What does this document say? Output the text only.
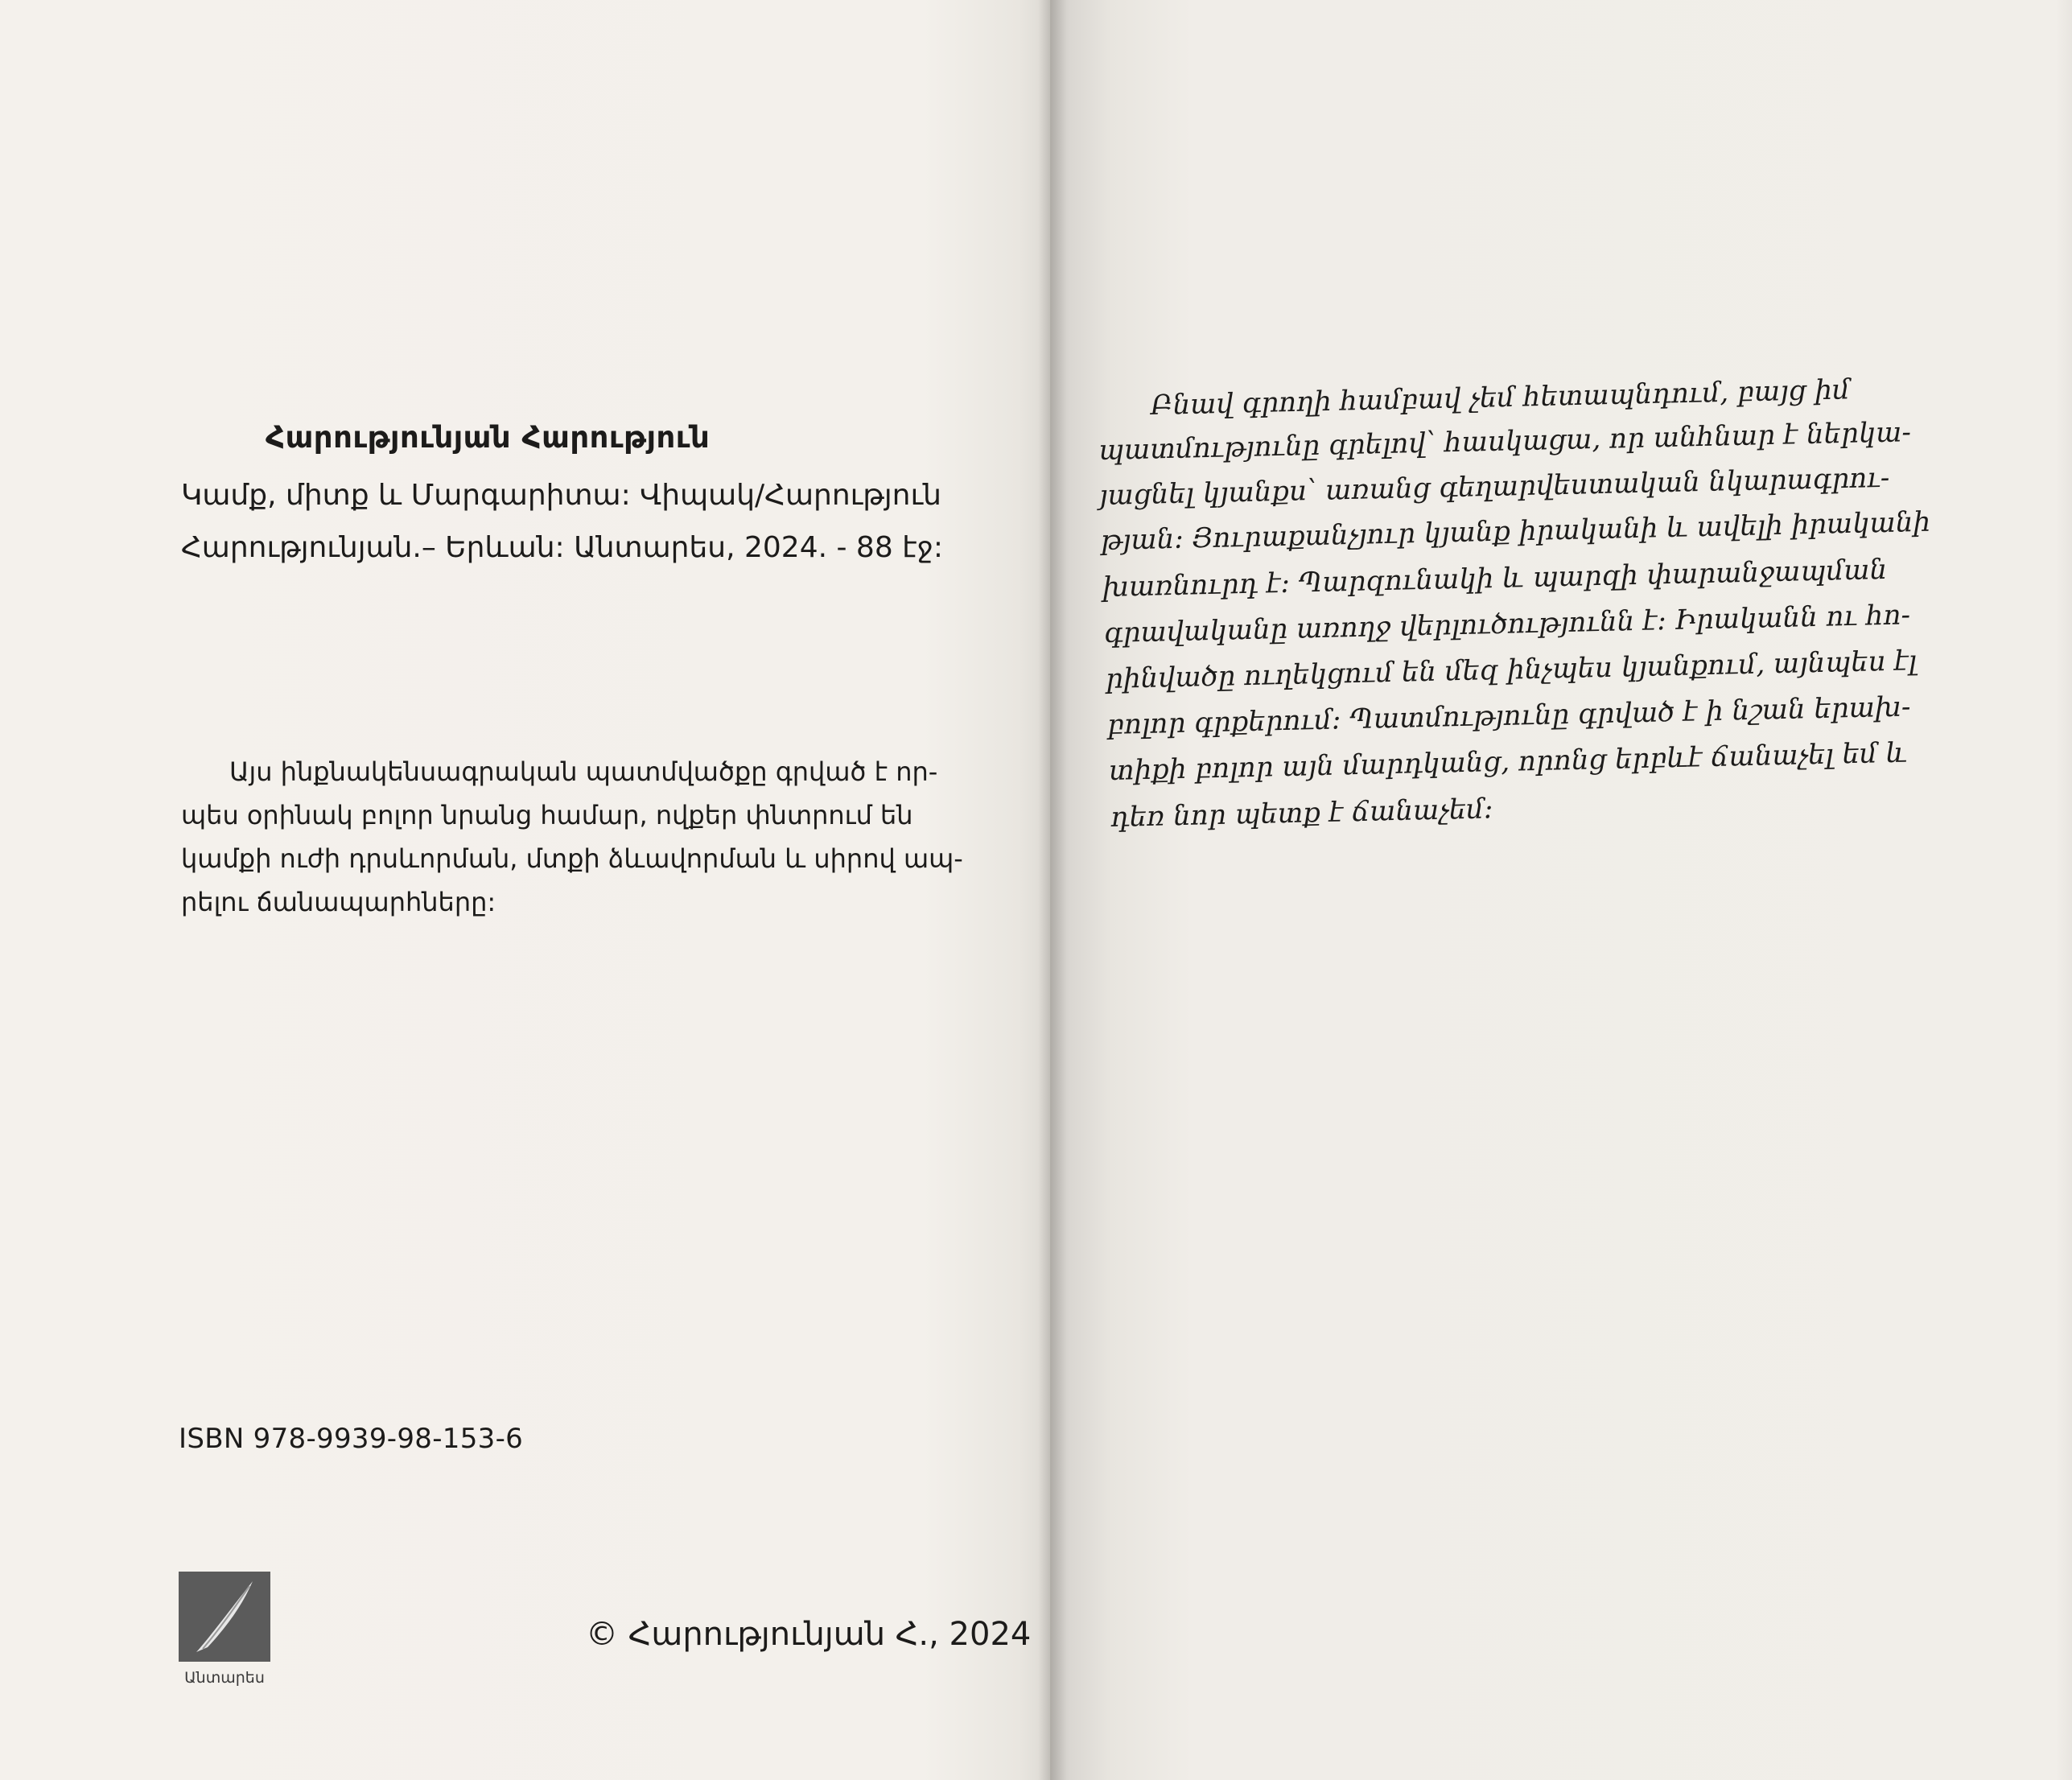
Հարությունյան Հարություն
Կամք, միտք և Մարգարիտա: Վիպակ/Հարություն
Հարությունյան.– Երևան: Անտարես, 2024. - 88 էջ:
Այս ինքնակենսագրական պատմվածքը գրված է որ-
պես օրինակ բոլոր նրանց համար, ովքեր փնտրում են
կամքի ուժի դրսևորման, մտքի ձևավորման և սիրով ապ-
րելու ճանապարհները:
ISBN 978-9939-98-153-6
Անտարես
© Հարությունյան Հ., 2024
Բնավ գրողի համբավ չեմ հետապնդում, բայց իմ
պատմությունը գրելով՝ հասկացա, որ անհնար է ներկա-
յացնել կյանքս՝ առանց գեղարվեստական նկարագրու-
թյան: Յուրաքանչյուր կյանք իրականի և ավելի իրականի
խառնուրդ է: Պարզունակի և պարզի փարանջապման
գրավականը առողջ վերլուծությունն է: Իրականն ու հո-
րինվածը ուղեկցում են մեզ ինչպես կյանքում, այնպես էլ
բոլոր գրքերում: Պատմությունը գրված է ի նշան երախ-
տիքի բոլոր այն մարդկանց, որոնց երբևէ ճանաչել եմ և
դեռ նոր պետք է ճանաչեմ:
